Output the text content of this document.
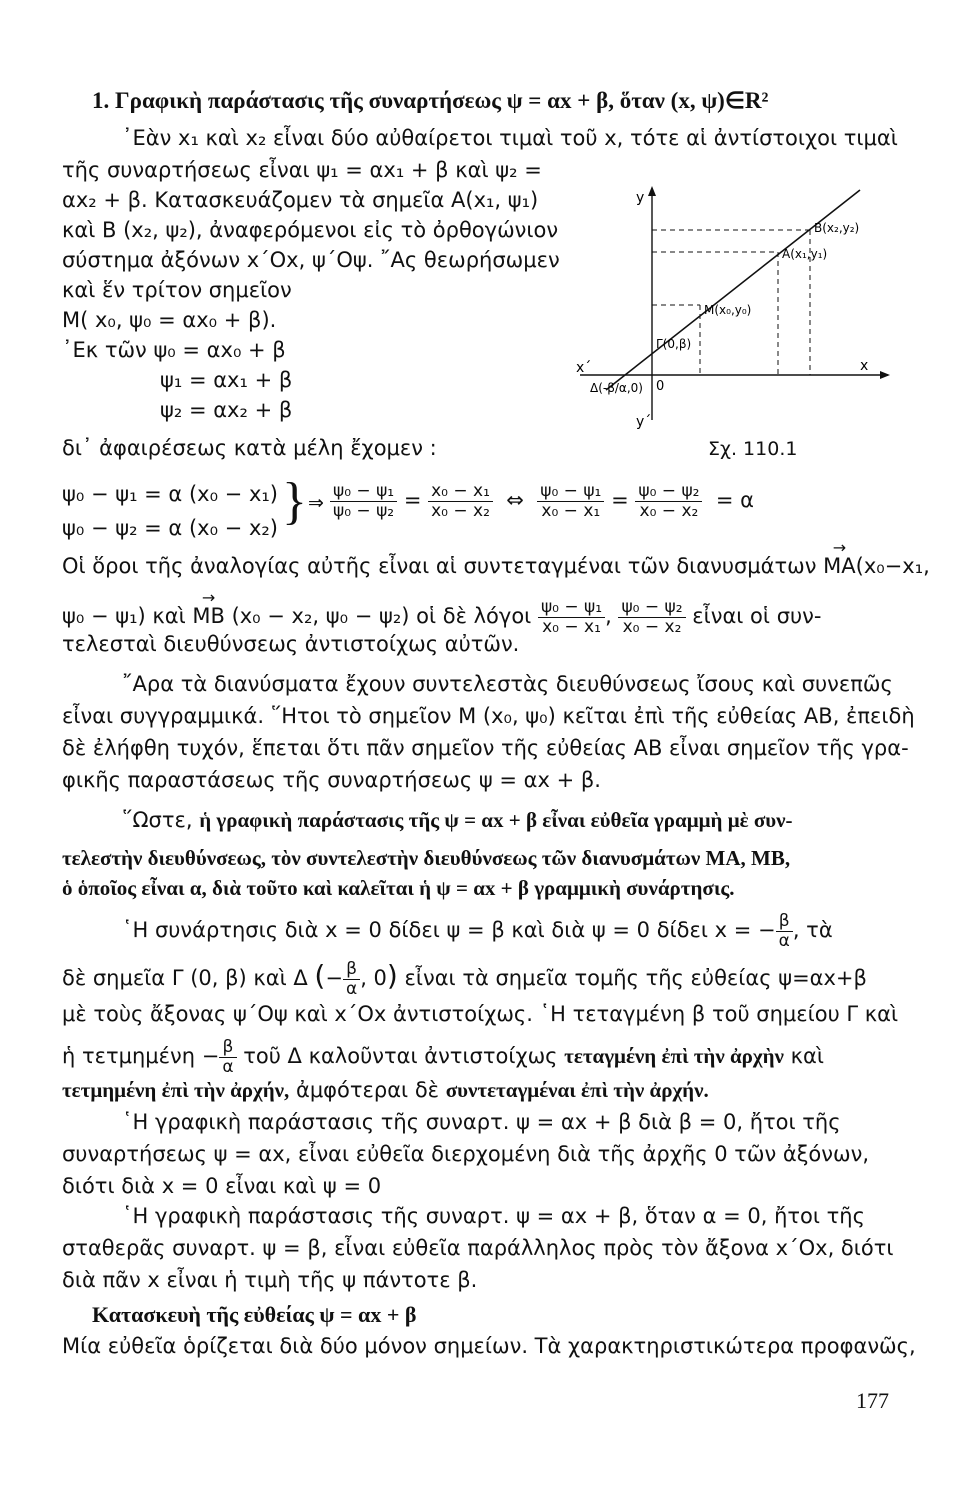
1. Γραφικὴ παράστασις τῆς συναρτήσεως ψ = αx + β, ὅταν (x, ψ)∈R²
᾿Εὰν x₁ καὶ x₂ εἶναι δύο αὐθαίρετοι τιμαὶ τοῦ x, τότε αἱ ἀντίστοιχοι τιμαὶ
τῆς συναρτήσεως εἶναι ψ₁ = αx₁ + β καὶ ψ₂ =
αx₂ + β. Κατασκευάζομεν τὰ σημεῖα Α(x₁, ψ₁)
καὶ Β (x₂, ψ₂), ἀναφερόμενοι εἰς τὸ ὀρθογώνιον
σύστημα ἀξόνων x΄Ox, ψ΄Oψ. ῎Ας θεωρήσωμεν
καὶ ἕν τρίτον σημεῖον
Μ( x₀, ψ₀ = αx₀ + β).
᾿Εκ τῶν ψ₀ = αx₀ + β
ψ₁ = αx₁ + β
ψ₂ = αx₂ + β
δι᾿ ἀφαιρέσεως κατὰ μέλη ἔχομεν :
y
y΄
x
x΄
0
B(x₂,y₂)
A(x₁,y₁)
M(x₀,y₀)
Γ(0,β)
Δ(-β/α,0)
Σχ. 110.1
ψ₀ − ψ₁ = α (x₀ − x₁)
ψ₀ − ψ₂ = α (x₀ − x₂) } ⇒ $\frac{\text{ψ₀ − ψ₁}}{\text{ψ₀ − ψ₂}} = \frac{\text{x₀ − x₁}}{\text{x₀ − x₂}}$ ⇔ $\frac{\text{ψ₀ − ψ₁}}{\text{x₀ − x₁}} = \frac{\text{ψ₀ − ψ₂}}{\text{x₀ − x₂}} = \alpha$
Οἱ ὅροι τῆς ἀναλογίας αὐτῆς εἶναι αἱ συντεταγμέναι τῶν διανυσμάτων → MA(x₀−x₁,
ψ₀ − ψ₁) καὶ → MB (x₀ − x₂, ψ₀ − ψ₂) οἱ δὲ λόγοι $\frac{\text{ψ₀ − ψ₁}}{\text{x₀ − x₁}}$ , $\frac{\text{ψ₀ − ψ₂}}{\text{x₀ − x₂}}$ εἶναι οἱ συν-
τελεσταὶ διευθύνσεως ἀντιστοίχως αὐτῶν.
῎Αρα τὰ διανύσματα ἔχουν συντελεστὰς διευθύνσεως ἴσους καὶ συνεπῶς
εἶναι συγγραμμικά. ῞Ητοι τὸ σημεῖον Μ (x₀, ψ₀) κεῖται ἐπὶ τῆς εὐθείας ΑΒ, ἐπειδὴ
δὲ ἐλήφθη τυχόν, ἕπεται ὅτι πᾶν σημεῖον τῆς εὐθείας ΑΒ εἶναι σημεῖον τῆς γρα-
φικῆς παραστάσεως τῆς συναρτήσεως ψ = αx + β.
῞Ωστε, ἡ γραφικὴ παράστασις τῆς ψ = αx + β εἶναι εὐθεῖα γραμμὴ μὲ συν-
τελεστὴν διευθύνσεως, τὸν συντελεστὴν διευθύνσεως τῶν διανυσμάτων MA, MB,
ὁ ὁποῖος εἶναι α, διὰ τοῦτο καὶ καλεῖται ἡ ψ = αx + β γραμμικὴ συνάρτησις.
῾Η συνάρτησις διὰ x = 0 δίδει ψ = β καὶ διὰ ψ = 0 δίδει x = − $\frac{\beta}{\alpha}$ , τὰ
δὲ σημεῖα Γ (0, β) καὶ Δ (− $\frac{\beta}{\alpha}$ , 0) εἶναι τὰ σημεῖα τομῆς τῆς εὐθείας ψ=αx+β
μὲ τοὺς ἄξονας ψ΄Oψ καὶ x΄Ox ἀντιστοίχως. ῾Η τεταγμένη β τοῦ σημείου Γ καὶ
ἡ $\tau\varepsilon\tau\mu\eta\mu έ\nu\eta - \frac{\beta}{\alpha}$ τοῦ Δ καλοῦνται ἀντιστοίχως τεταγμένη ἐπὶ τὴν ἀρχὴν καὶ
τετμημένη ἐπὶ τὴν ἀρχήν, ἀμφότεραι δὲ συντεταγμέναι ἐπὶ τὴν ἀρχήν.
῾Η γραφικὴ παράστασις τῆς συναρτ. ψ = αx + β διὰ β = 0, ἤτοι τῆς
συναρτήσεως ψ = αx, εἶναι εὐθεῖα διερχομένη διὰ τῆς ἀρχῆς 0 τῶν ἀξόνων,
διότι διὰ x = 0 εἶναι καὶ ψ = 0
῾Η γραφικὴ παράστασις τῆς συναρτ. ψ = αx + β, ὅταν α = 0, ἤτοι τῆς
σταθερᾶς συναρτ. ψ = β, εἶναι εὐθεῖα παράλληλος πρὸς τὸν ἄξονα x΄Ox, διότι
διὰ πᾶν x εἶναι ἡ τιμὴ τῆς ψ πάντοτε β.
Κατασκευὴ τῆς εὐθείας ψ = αx + β
Μία εὐθεῖα ὁρίζεται διὰ δύο μόνον σημείων. Τὰ χαρακτηριστικώτερα προφανῶς,
177
